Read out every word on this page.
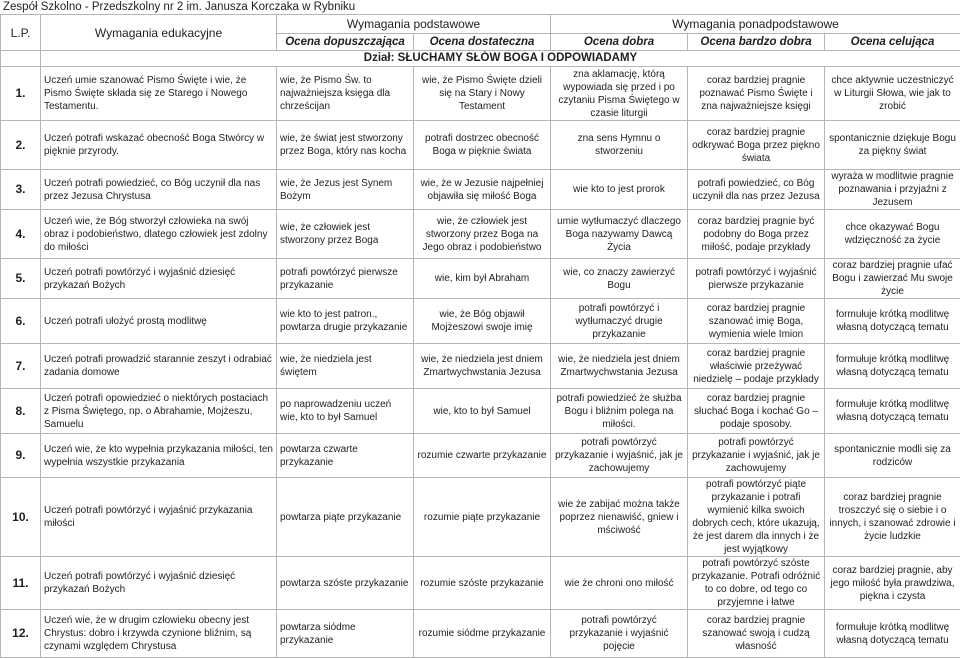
Zespół Szkolno - Przedszkolny nr 2 im. Janusza Korczaka w Rybniku
L.P.	Wymagania edukacyjne	Wymagania podstawowe		Wymagania ponadpodstawowe		
		Ocena dopuszczająca	Ocena dostateczna	Ocena dobra	Ocena bardzo dobra	Ocena celująca
	Dział: SŁUCHAMY SŁÓW BOGA I ODPOWIADAMY					
1.	Uczeń umie szanować Pismo Święte i wie, że Pismo Święte składa się ze Starego i Nowego Testamentu.	wie, że Pismo Św. to najważniejsza księga dla chrześcijan	wie, że Pismo Święte dzieli się na Stary i Nowy Testament	zna aklamację, którą wypowiada się przed i po czytaniu Pisma Świętego w czasie liturgii	coraz bardziej pragnie poznawać Pismo Święte i zna najważniejsze księgi	chce aktywnie uczestniczyć w Liturgii Słowa, wie jak to zrobić
2.	Uczeń potrafi wskazać obecność Boga Stwórcy w pięknie przyrody.	wie, że świat jest stworzony przez Boga, który nas kocha	potrafi dostrzec obecność Boga w pięknie świata	zna sens Hymnu o stworzeniu	coraz bardziej pragnie odkrywać Boga przez piękno świata	spontanicznie dziękuje Bogu za piękny świat
3.	Uczeń potrafi powiedzieć, co Bóg uczynił dla nas przez Jezusa Chrystusa	wie, że Jezus jest Synem Bożym	wie, że w Jezusie najpełniej objawiła się miłość Boga	wie kto to jest prorok	potrafi powiedzieć, co Bóg uczynił dla nas przez Jezusa	wyraża w modlitwie pragnie poznawania i przyjaźni z Jezusem
4.	Uczeń wie, że Bóg stworzył człowieka na swój obraz i podobieństwo, dlatego człowiek jest zdolny do miłości	wie, że człowiek jest stworzony przez Boga	wie, że człowiek jest stworzony przez Boga na Jego obraz i podobieństwo	umie wytłumaczyć dlaczego Boga nazywamy Dawcą Życia	coraz bardziej pragnie być podobny do Boga przez miłość, podaje przykłady	chce okazywać Bogu wdzięczność za życie
5.	Uczeń potrafi powtórzyć i wyjaśnić dziesięć przykazań Bożych	potrafi powtórzyć pierwsze przykazanie	wie, kim był Abraham	wie, co znaczy zawierzyć Bogu	potrafi powtórzyć i wyjaśnić pierwsze przykazanie	coraz bardziej pragnie ufać Bogu i zawierzać Mu swoje życie
6.	Uczeń potrafi ułożyć prostą modlitwę	wie kto to jest patron., powtarza drugie przykazanie	wie, że Bóg objawił Mojżeszowi swoje imię	potrafi powtórzyć i wytłumaczyć drugie przykazanie	coraz bardziej pragnie szanować imię Boga, wymienia wiele Imion	formułuje krótką modlitwę własną dotyczącą tematu
7.	Uczeń potrafi prowadzić starannie zeszyt i odrabiać zadania domowe	wie, że niedziela jest świętem	wie, że niedziela jest dniem Zmartwychwstania Jezusa	wie, że niedziela jest dniem Zmartwychwstania Jezusa	coraz bardziej pragnie właściwie przeżywać niedzielę – podaje przykłady	formułuje krótką modlitwę własną dotyczącą tematu
8.	Uczeń potrafi opowiedzieć o niektórych postaciach z Pisma Świętego, np. o Abrahamie, Mojżeszu, Samuelu	po naprowadzeniu uczeń wie, kto to był Samuel	wie, kto to był Samuel	potrafi powiedzieć że służba Bogu i bliźnim polega na miłości.	coraz bardziej pragnie słuchać Boga i kochać Go – podaje sposoby.	formułuje krótką modlitwę własną dotyczącą tematu
9.	Uczeń wie, że kto wypełnia przykazania miłości, ten wypełnia wszystkie przykazania	powtarza czwarte przykazanie	rozumie czwarte przykazanie	potrafi powtórzyć przykazanie i wyjaśnić, jak je zachowujemy	potrafi powtórzyć przykazanie i wyjaśnić, jak je zachowujemy	spontanicznie modli się za rodziców
10.	Uczeń potrafi powtórzyć i wyjaśnić przykazania miłości	powtarza piąte przykazanie	rozumie piąte przykazanie	wie że zabijać można także poprzez nienawiść, gniew i mściwość	potrafi powtórzyć piąte przykazanie i potrafi wymienić kilka swoich dobrych cech, które ukazują, że jest darem dla innych i że jest wyjątkowy	coraz bardziej pragnie troszczyć się o siebie i o innych, i szanować zdrowie i życie ludzkie
11.	Uczeń potrafi powtórzyć i wyjaśnić dziesięć przykazań Bożych	powtarza szóste przykazanie	rozumie szóste przykazanie	wie że chroni ono miłość	potrafi powtórzyć szóste przykazanie. Potrafi odróżnić to co dobre, od tego co przyjemne i łatwe	coraz bardziej pragnie, aby jego miłość była prawdziwa, piękna i czysta
12.	Uczeń wie, że w drugim człowieku obecny jest Chrystus: dobro i krzywda czynione bliźnim, są czynami względem Chrystusa	powtarza siódme przykazanie	rozumie siódme przykazanie	potrafi powtórzyć przykazanie i wyjaśnić pojęcie	coraz bardziej pragnie szanować swoją i cudzą własność	formułuje krótką modlitwę własną dotyczącą tematu
